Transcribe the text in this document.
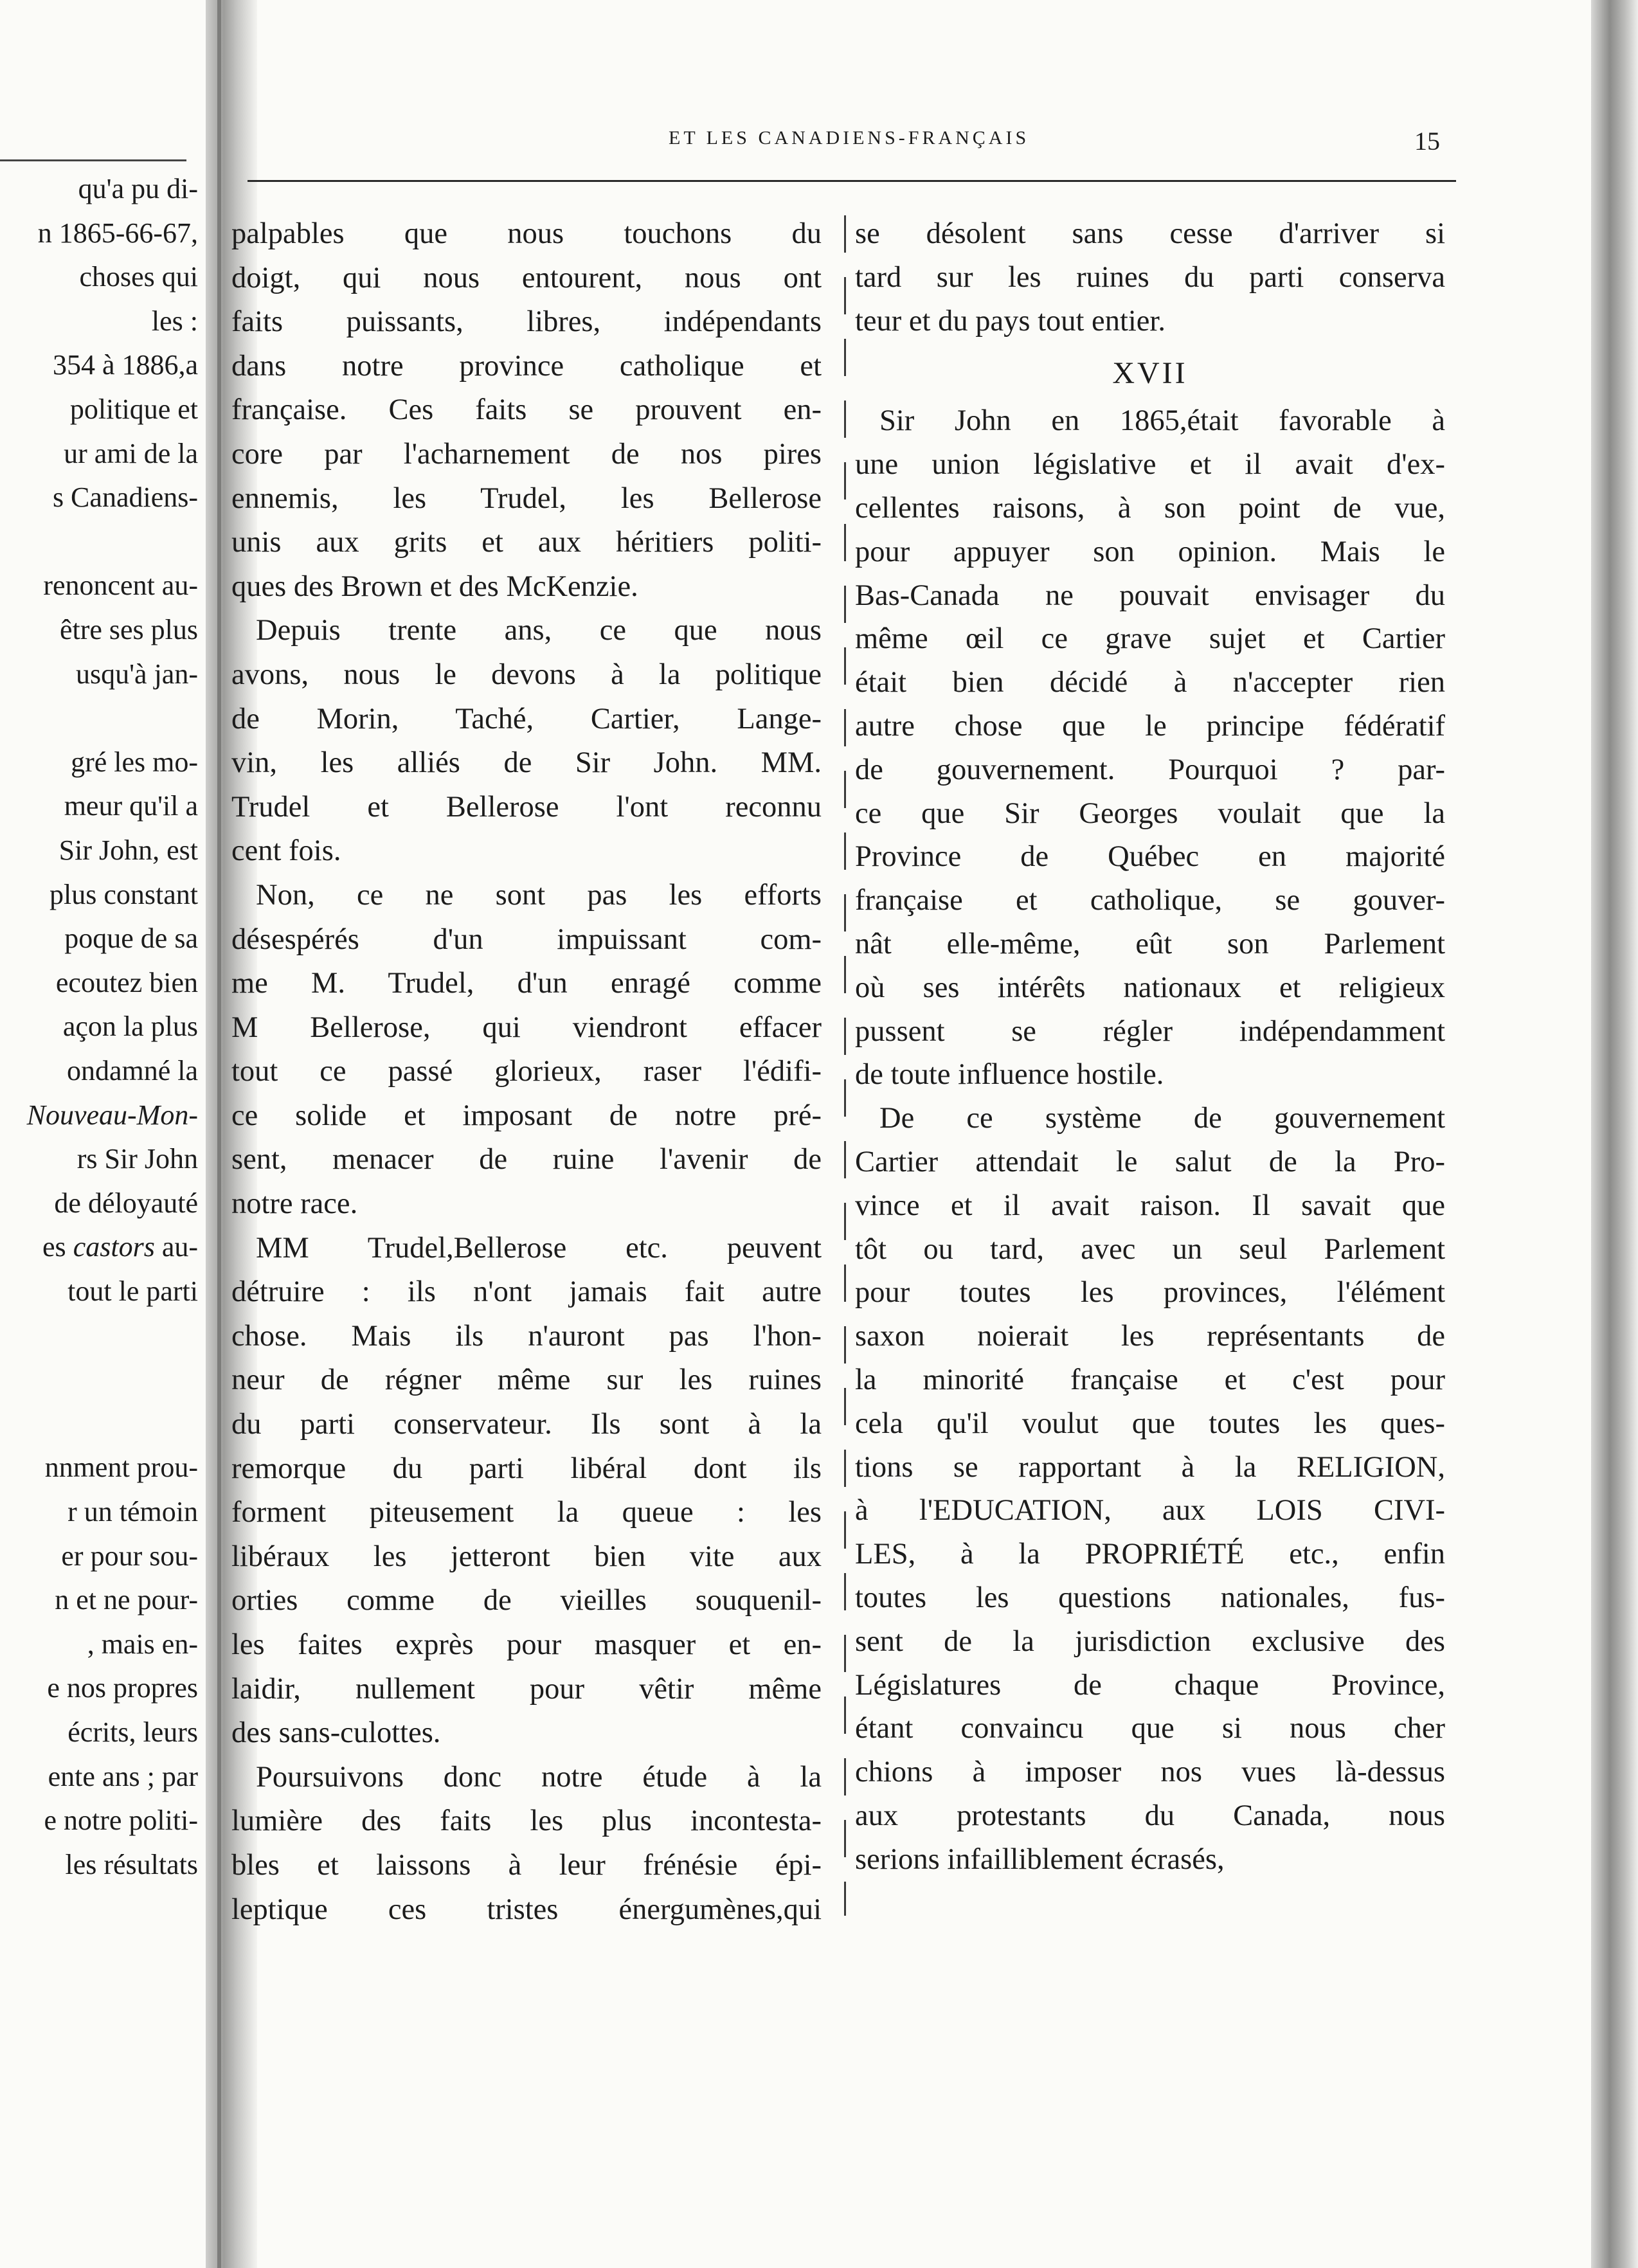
qu'a pu di-
n 1865-66-67,
choses qui
les :
354 à 1886,a
politique et
ur ami de la
s Canadiens-
renoncent au-
être ses plus
usqu'à jan-
gré les mo-
meur qu'il a
Sir John, est
plus constant
poque de sa
ecoutez bien
açon la plus
ondamné la
Nouveau-Mon-
rs Sir John
de déloyauté
es castors au-
tout le parti
nnment prou-
r un témoin
er pour sou-
n et ne pour-
, mais en-
e nos propres
écrits, leurs
ente ans ; par
e notre politi-
les résultats
ET LES CANADIENS-FRANÇAIS	15
palpables que nous touchons du
doigt, qui nous entourent, nous ont
faits puissants, libres, indépendants
dans notre province catholique et
française. Ces faits se prouvent en-
core par l'acharnement de nos pires
ennemis, les Trudel, les Bellerose
unis aux grits et aux héritiers politi-
ques des Brown et des McKenzie.
Depuis trente ans, ce que nous
avons, nous le devons à la politique
de Morin, Taché, Cartier, Lange-
vin, les alliés de Sir John. MM.
Trudel et Bellerose l'ont reconnu
cent fois.
Non, ce ne sont pas les efforts
désespérés d'un impuissant com-
me M. Trudel, d'un enragé comme
M Bellerose, qui viendront effacer
tout ce passé glorieux, raser l'édifi-
ce solide et imposant de notre pré-
sent, menacer de ruine l'avenir de
notre race.
MM Trudel,Bellerose etc. peuvent
détruire : ils n'ont jamais fait autre
chose. Mais ils n'auront pas l'hon-
neur de régner même sur les ruines
du parti conservateur. Ils sont à la
remorque du parti libéral dont ils
forment piteusement la queue : les
libéraux les jetteront bien vite aux
orties comme de vieilles souquenil-
les faites exprès pour masquer et en-
laidir, nullement pour vêtir même
des sans-culottes.
Poursuivons donc notre étude à la
lumière des faits les plus incontesta-
bles et laissons à leur frénésie épi-
leptique ces tristes énergumènes,qui
se désolent sans cesse d'arriver si
tard sur les ruines du parti conserva
teur et du pays tout entier.
XVII
Sir John en 1865,était favorable à
une union législative et il avait d'ex-
cellentes raisons, à son point de vue,
pour appuyer son opinion. Mais le
Bas-Canada ne pouvait envisager du
même œil ce grave sujet et Cartier
était bien décidé à n'accepter rien
autre chose que le principe fédératif
de gouvernement. Pourquoi ? par-
ce que Sir Georges voulait que la
Province de Québec en majorité
française et catholique, se gouver-
nât elle-même, eût son Parlement
où ses intérêts nationaux et religieux
pussent se régler indépendamment
de toute influence hostile.
De ce système de gouvernement
Cartier attendait le salut de la Pro-
vince et il avait raison. Il savait que
tôt ou tard, avec un seul Parlement
pour toutes les provinces, l'élément
saxon noierait les représentants de
la minorité française et c'est pour
cela qu'il voulut que toutes les ques-
tions se rapportant à la RELIGION,
à l'EDUCATION, aux LOIS CIVI-
LES, à la PROPRIÉTÉ etc., enfin
toutes les questions nationales, fus-
sent de la jurisdiction exclusive des
Législatures de chaque Province,
étant convaincu que si nous cher
chions à imposer nos vues là-dessus
aux protestants du Canada, nous
serions infailliblement écrasés,
